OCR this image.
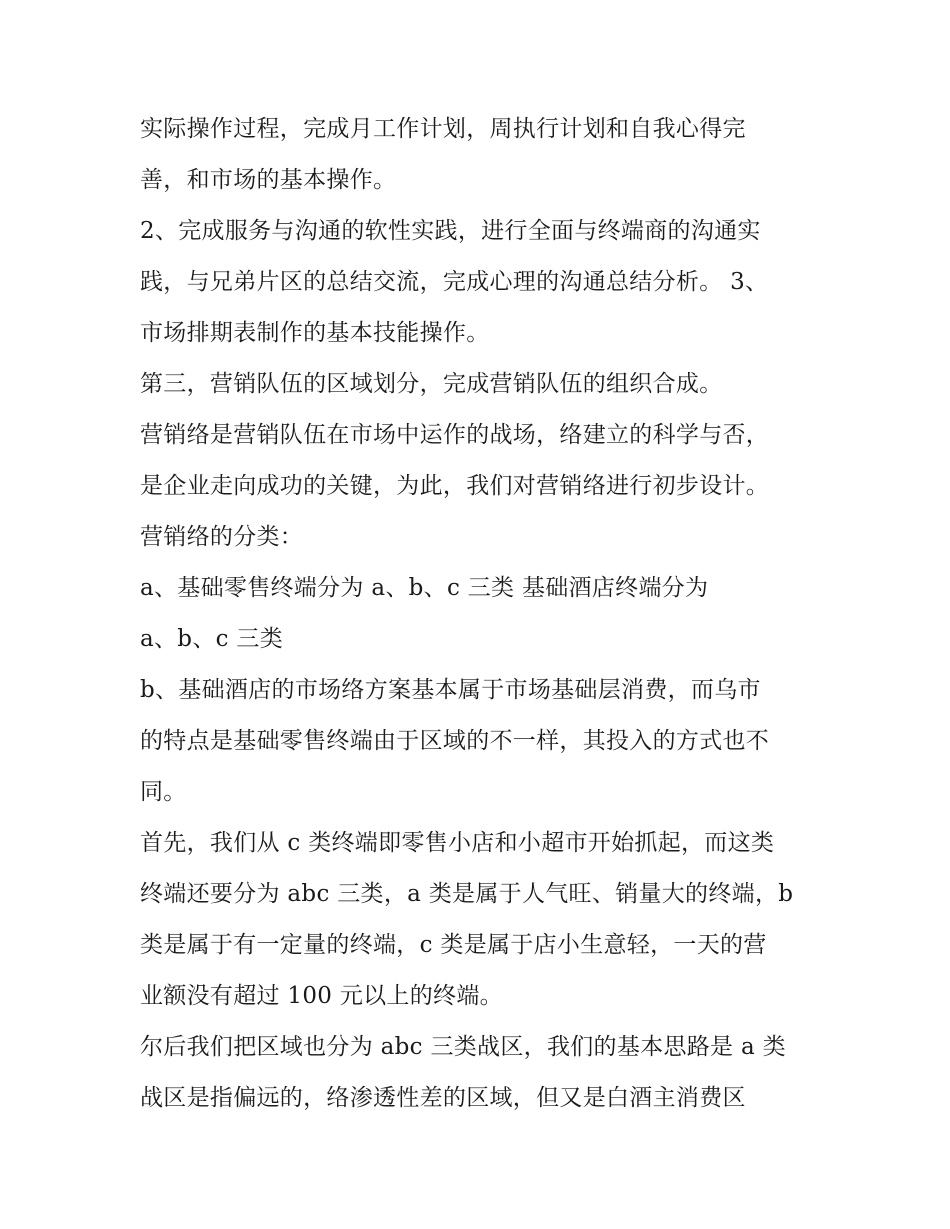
实际操作过程，完成月工作计划，周执行计划和自我心得完
善，和市场的基本操作。
2、完成服务与沟通的软性实践，进行全面与终端商的沟通实
践，与兄弟片区的总结交流，完成心理的沟通总结分析。 3、
市场排期表制作的基本技能操作。
第三，营销队伍的区域划分，完成营销队伍的组织合成。
营销络是营销队伍在市场中运作的战场，络建立的科学与否，
是企业走向成功的关键，为此，我们对营销络进行初步设计。
营销络的分类：
a、基础零售终端分为 a、b、c 三类 基础酒店终端分为
a、b、c 三类
b、基础酒店的市场络方案基本属于市场基础层消费，而乌市
的特点是基础零售终端由于区域的不一样，其投入的方式也不
同。
首先，我们从 c 类终端即零售小店和小超市开始抓起，而这类
终端还要分为 abc 三类，a 类是属于人气旺、销量大的终端，b
类是属于有一定量的终端，c 类是属于店小生意轻，一天的营
业额没有超过 100 元以上的终端。
尔后我们把区域也分为 abc 三类战区，我们的基本思路是 a 类
战区是指偏远的，络渗透性差的区域，但又是白酒主消费区
